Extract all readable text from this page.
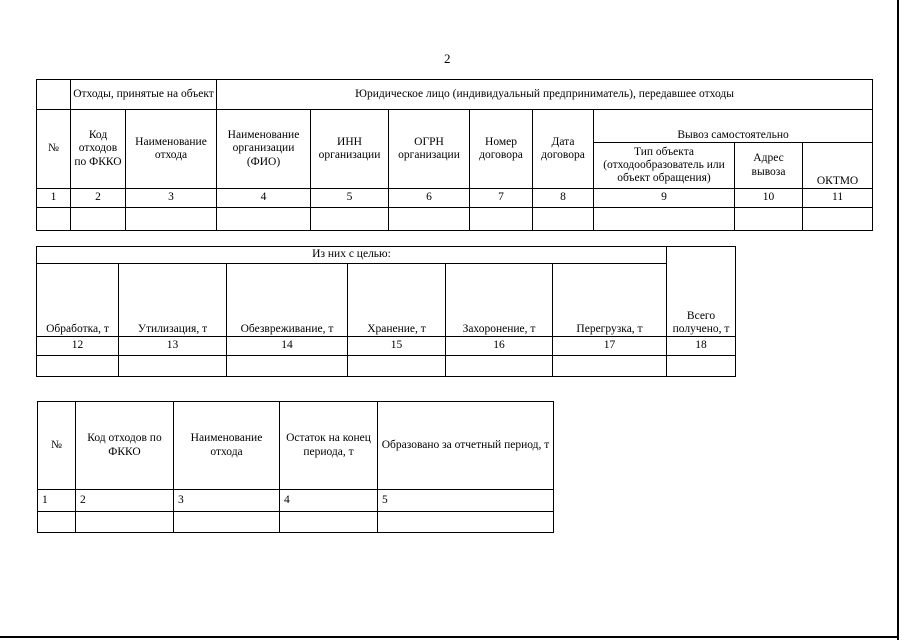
2
	Отходы, принятые на объект		Юридическое лицо (индивидуальный предприниматель), передавшее отходы							
№	Код отходов по ФККО	Наименование отхода	Наименование организации (ФИО)	ИНН организации	ОГРН организации	Номер договора	Дата договора	Вывоз самостоятельно		
								Тип объекта (отходообразователь или объект обращения)	Адрес вывоза	ОКТМО
1	2	3	4	5	6	7	8	9	10	11

Из них с целью:						Всего получено, т
Обработка, т	Утилизация, т	Обезвреживание, т	Хранение, т	Захоронение, т	Перегрузка, т	
12	13	14	15	16	17	18

№	Код отходов по ФККО	Наименование отхода	Остаток на конец периода, т	Образовано за отчетный период, т
1	2	3	4	5
